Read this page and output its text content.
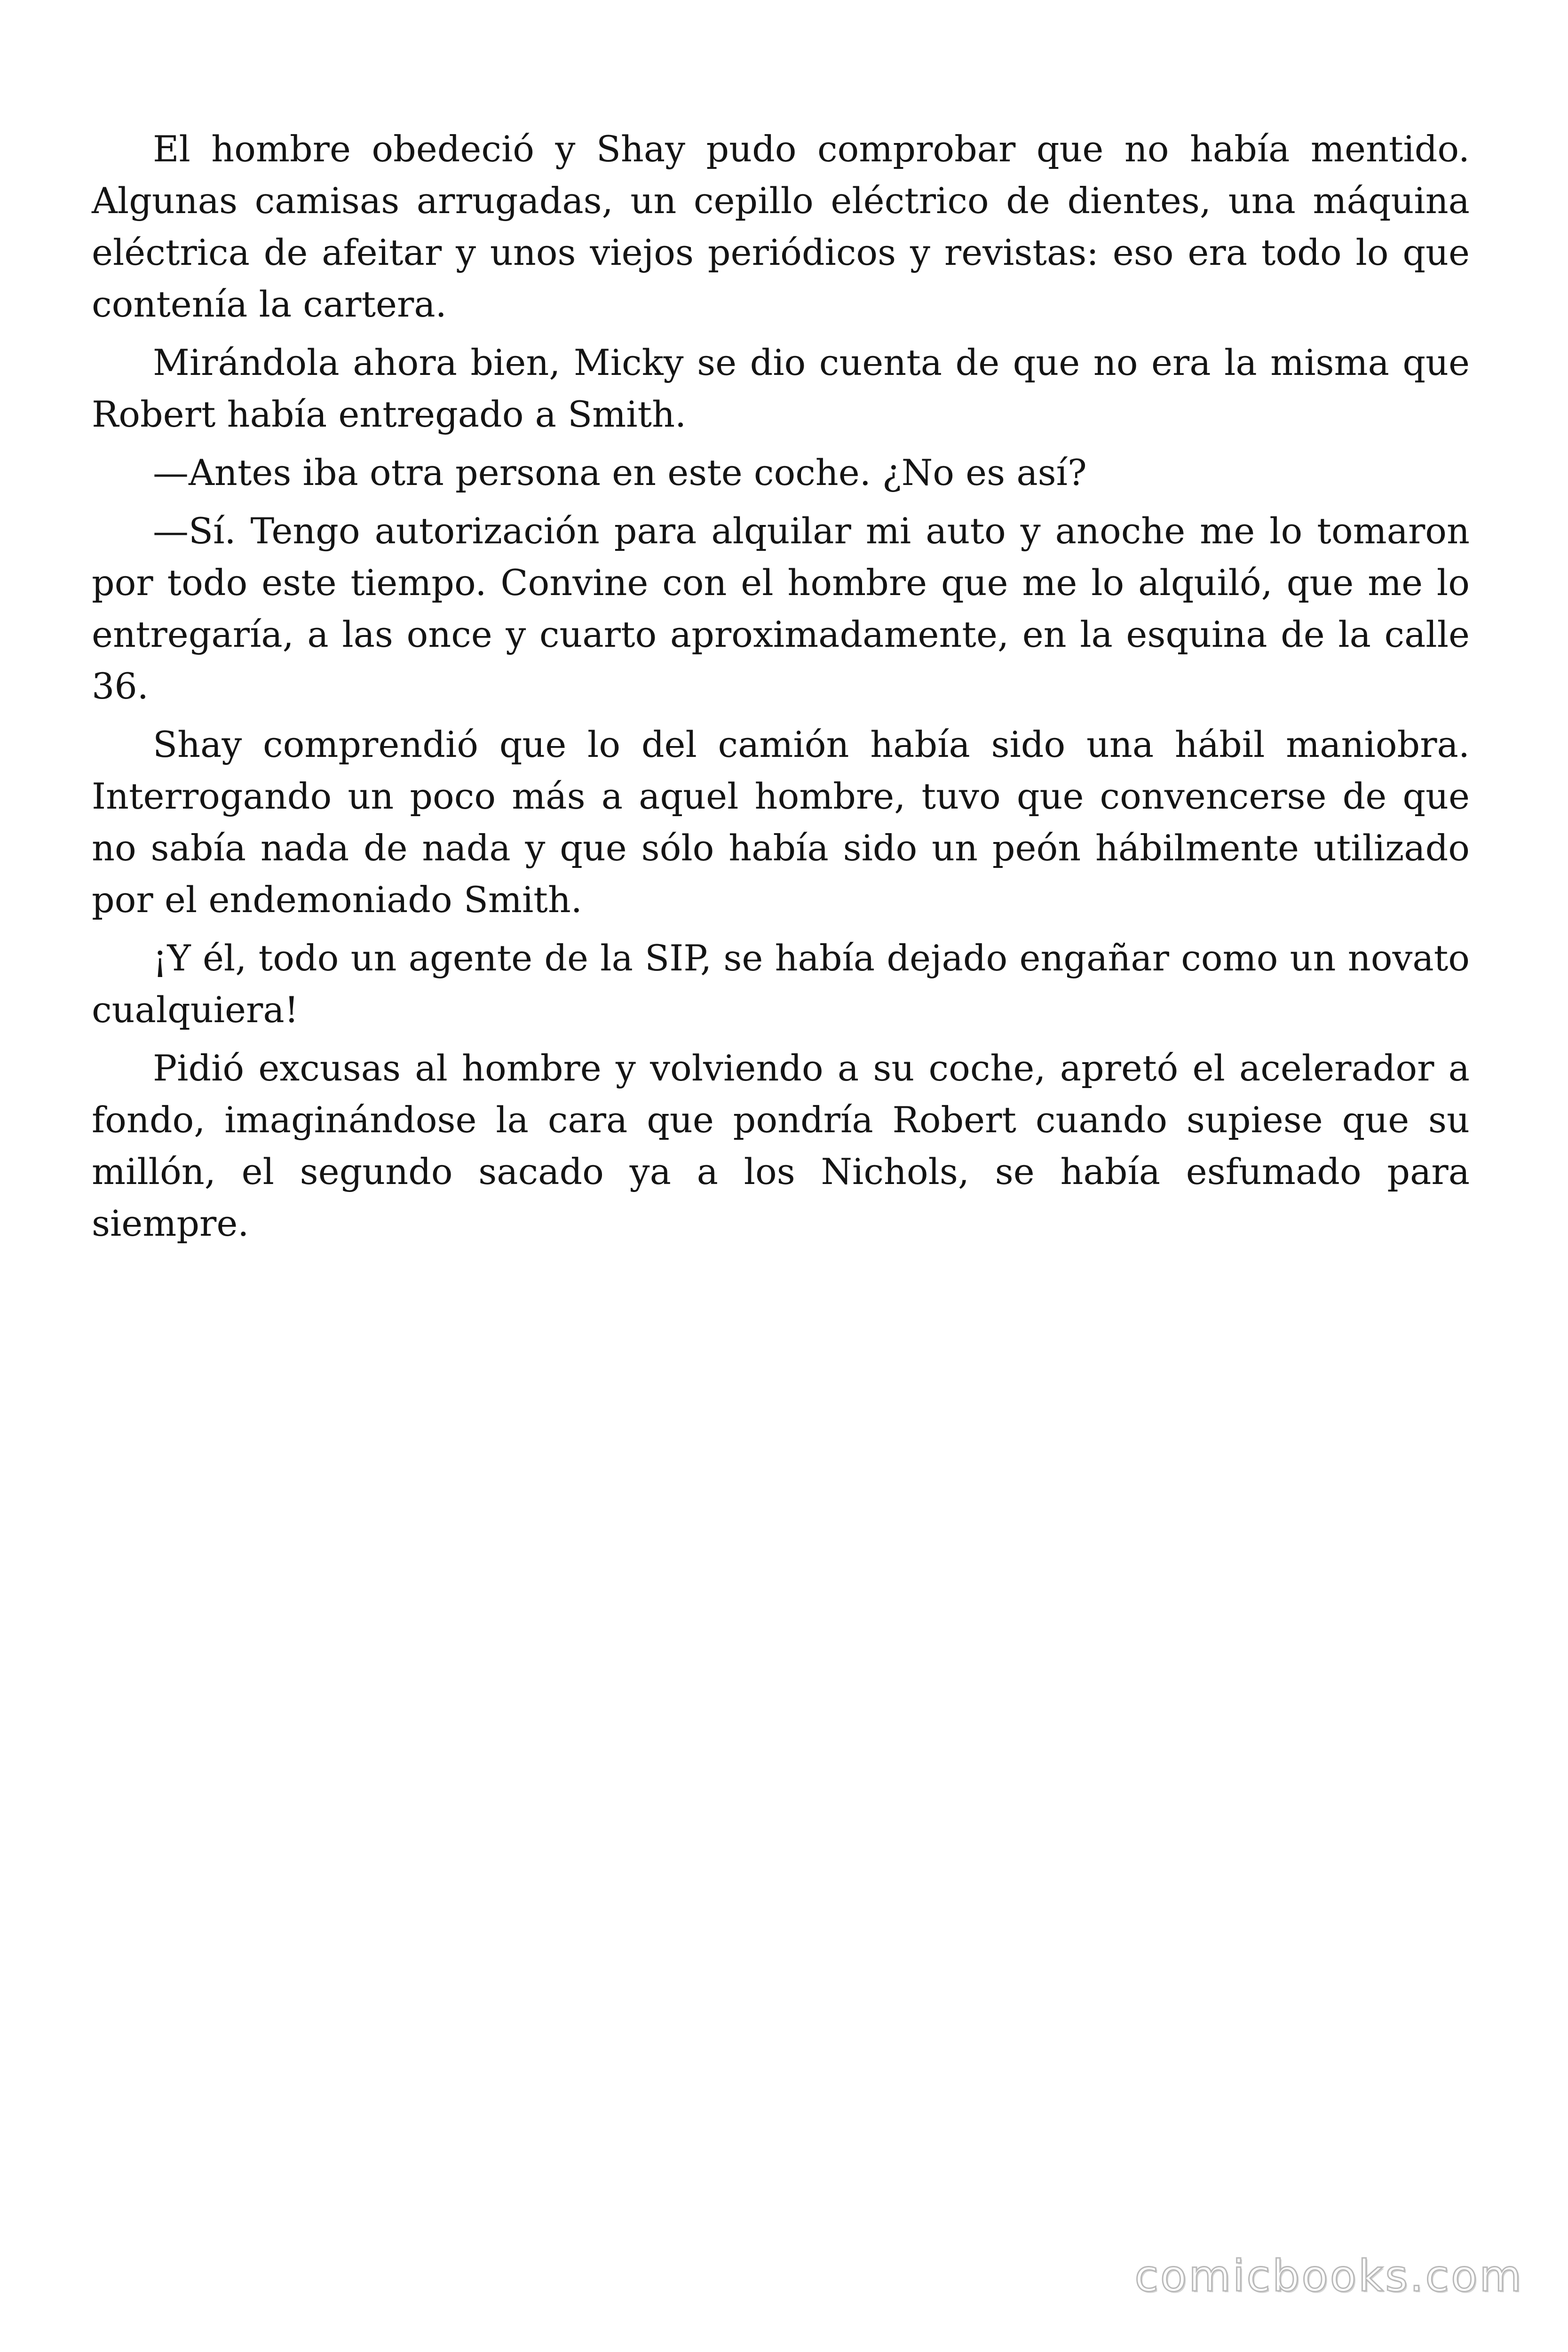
El hombre obedeció y Shay pudo comprobar que no había mentido. Algunas camisas arrugadas, un cepillo eléctrico de dientes, una máquina eléctrica de afeitar y unos viejos periódicos y revistas: eso era todo lo que contenía la cartera.

Mirándola ahora bien, Micky se dio cuenta de que no era la misma que Robert había entregado a Smith.

—Antes iba otra persona en este coche. ¿No es así?

—Sí. Tengo autorización para alquilar mi auto y anoche me lo tomaron por todo este tiempo. Convine con el hombre que me lo alquiló, que me lo entregaría, a las once y cuarto aproximadamente, en la esquina de la calle 36.

Shay comprendió que lo del camión había sido una hábil maniobra. Interrogando un poco más a aquel hombre, tuvo que convencerse de que no sabía nada de nada y que sólo había sido un peón hábilmente utilizado por el endemoniado Smith.

¡Y él, todo un agente de la SIP, se había dejado engañar como un novato cualquiera!

Pidió excusas al hombre y volviendo a su coche, apretó el acelerador a fondo, imaginándose la cara que pondría Robert cuando supiese que su millón, el segundo sacado ya a los Nichols, se había esfumado para siempre.

comicbooks.com
